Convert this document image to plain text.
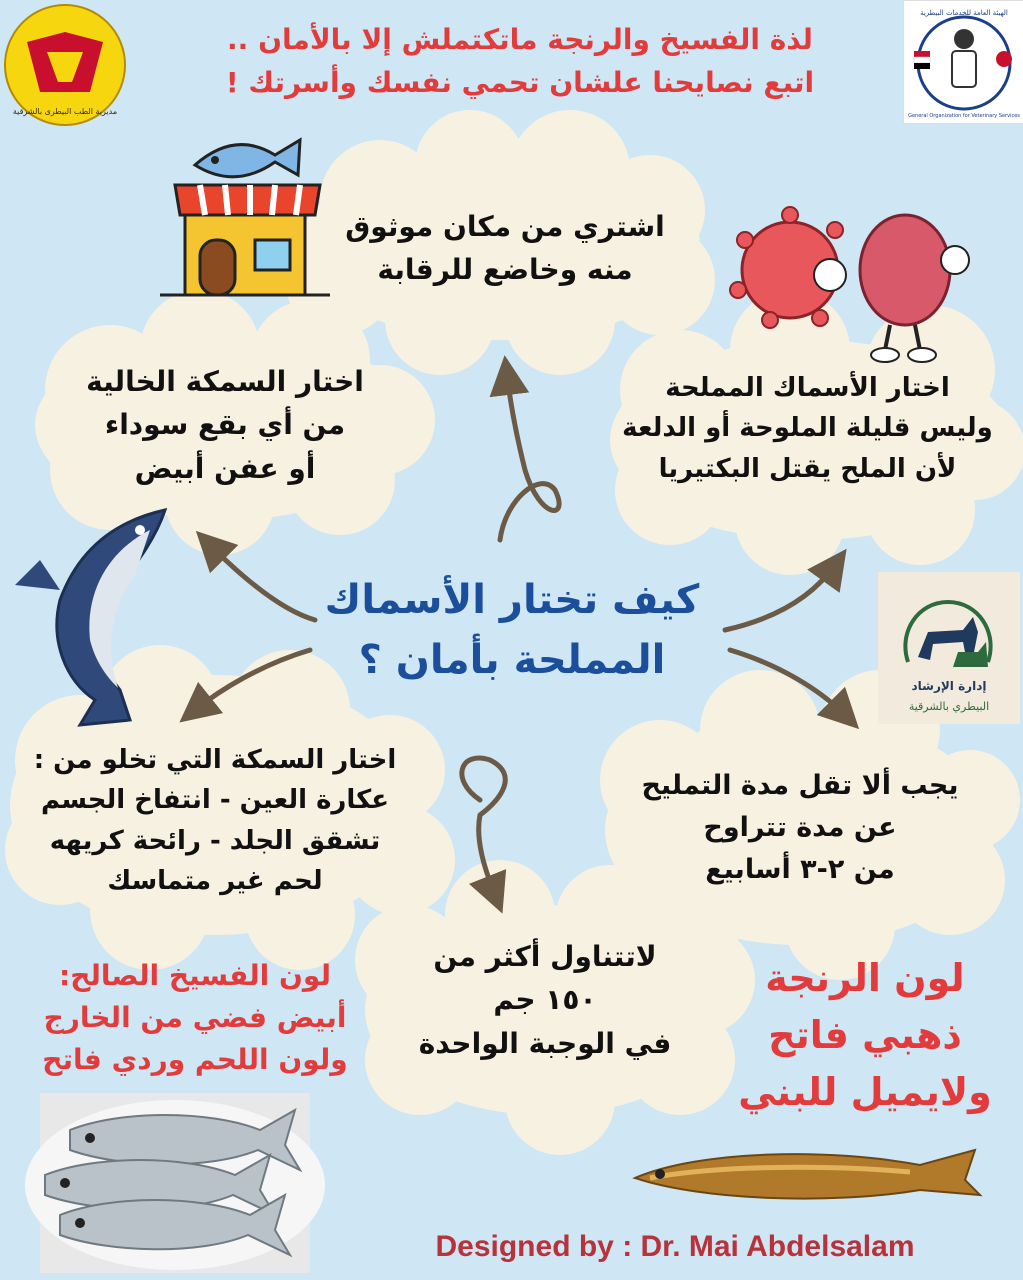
لذة الفسيخ والرنجة ماتكتملش إلا بالأمان ..
اتبع نصايحنا علشان تحمي نفسك وأسرتك !
مديرية الطب البيطرى بالشرقية
الهيئة العامة للخدمات البيطرية
General Organization for Veterinary Services
إدارة الإرشاد
البيطري بالشرقية
اشتري من مكان موثوق
منه وخاضع للرقابة
اختار السمكة الخالية
من أي بقع سوداء
أو عفن أبيض
اختار الأسماك المملحة
وليس قليلة الملوحة أو الدلعة
لأن الملح يقتل البكتيريا
كيف تختار الأسماك
المملحة بأمان ؟
اختار السمكة التي تخلو من :
عكارة العين - انتفاخ الجسم
تشقق الجلد - رائحة كريهه
لحم غير متماسك
يجب ألا تقل مدة التمليح
عن مدة تتراوح
من ٢-٣ أسابيع
لاتتناول أكثر من
١٥٠ جم
في الوجبة الواحدة
لون الفسيخ الصالح:
أبيض فضي من الخارج
ولون اللحم وردي فاتح
لون الرنجة
ذهبي فاتح
ولايميل للبني
Designed by : Dr. Mai Abdelsalam
